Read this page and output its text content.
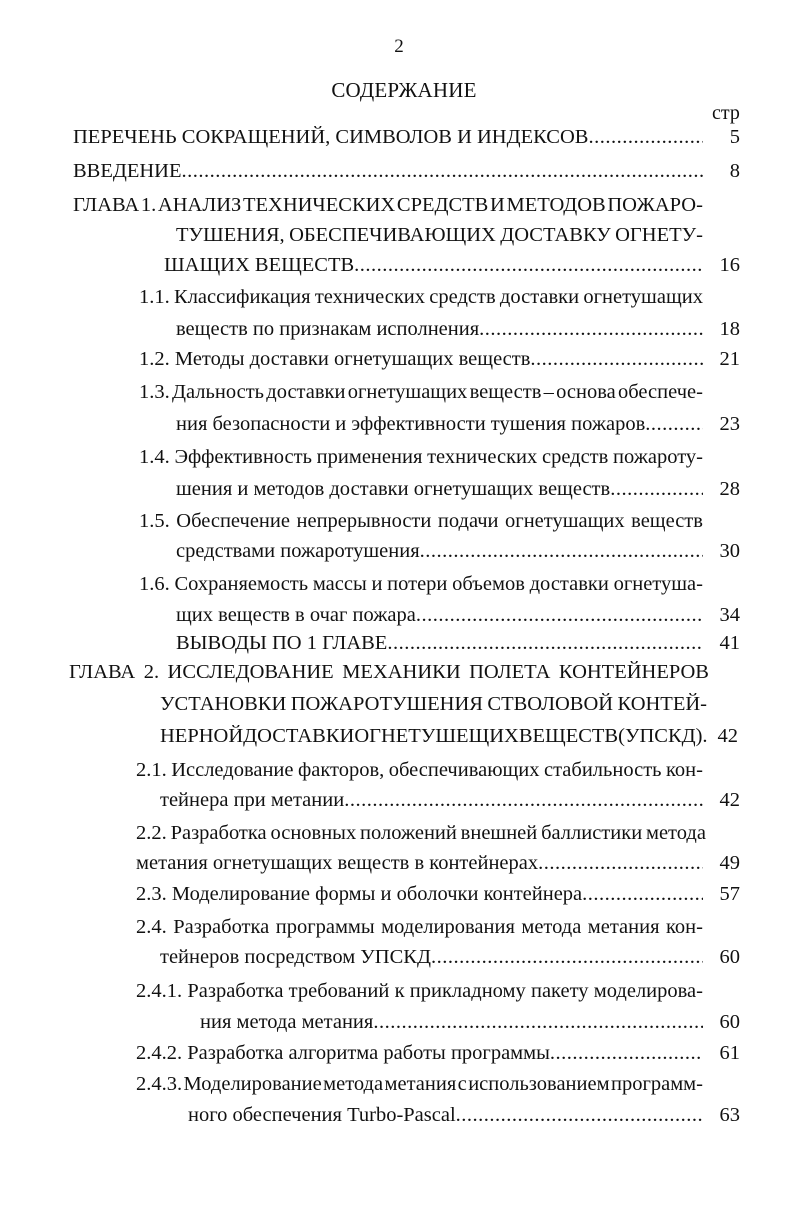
2
СОДЕРЖАНИЕ
стр
ПЕРЕЧЕНЬ СОКРАЩЕНИЙ, СИМВОЛОВ И ИНДЕКСОВ .....	5
ВВЕДЕНИЕ .....	8
ГЛАВА 1. АНАЛИЗ ТЕХНИЧЕСКИХ СРЕДСТВ И МЕТОДОВ ПОЖАРО-
ТУШЕНИЯ, ОБЕСПЕЧИВАЮЩИХ ДОСТАВКУ ОГНЕТУ-
ШАЩИХ ВЕЩЕСТВ .....	16
1.1. Классификация технических средств доставки огнетушащих
веществ по признакам исполнения .....	18
1.2. Методы доставки огнетушащих веществ .....	21
1.3. Дальность доставки огнетушащих веществ – основа обеспече-
ния безопасности и эффективности тушения пожаров .....	23
1.4. Эффективность применения технических средств пожароту-
шения и методов доставки огнетушащих веществ .....	28
1.5. Обеспечение непрерывности подачи огнетушащих веществ
средствами пожаротушения .....	30
1.6. Сохраняемость массы и потери объемов доставки огнетуша-
щих веществ в очаг пожара .....	34
ВЫВОДЫ ПО 1 ГЛАВЕ .....	41
ГЛАВА 2. ИССЛЕДОВАНИЕ МЕХАНИКИ ПОЛЕТА КОНТЕЙНЕРОВ
УСТАНОВКИ ПОЖАРОТУШЕНИЯ СТВОЛОВОЙ КОНТЕЙ-
НЕРНОЙ ДОСТАВКИ ОГНЕТУШЕЩИХ ВЕЩЕСТВ (УПСКД). 42
2.1. Исследование факторов, обеспечивающих стабильность кон-
тейнера при метании .....	42
2.2. Разработка основных положений внешней баллистики метода
метания огнетушащих веществ в контейнерах .....	49
2.3. Моделирование формы и оболочки контейнера .....	57
2.4. Разработка программы моделирования метода метания кон-
тейнеров посредством УПСКД .....	60
2.4.1. Разработка требований к прикладному пакету моделирова-
ния метода метания .....	60
2.4.2. Разработка алгоритма работы программы .....	61
2.4.3. Моделирование метода метания с использованием программ-
ного обеспечения Turbo-Pascal .....	63
